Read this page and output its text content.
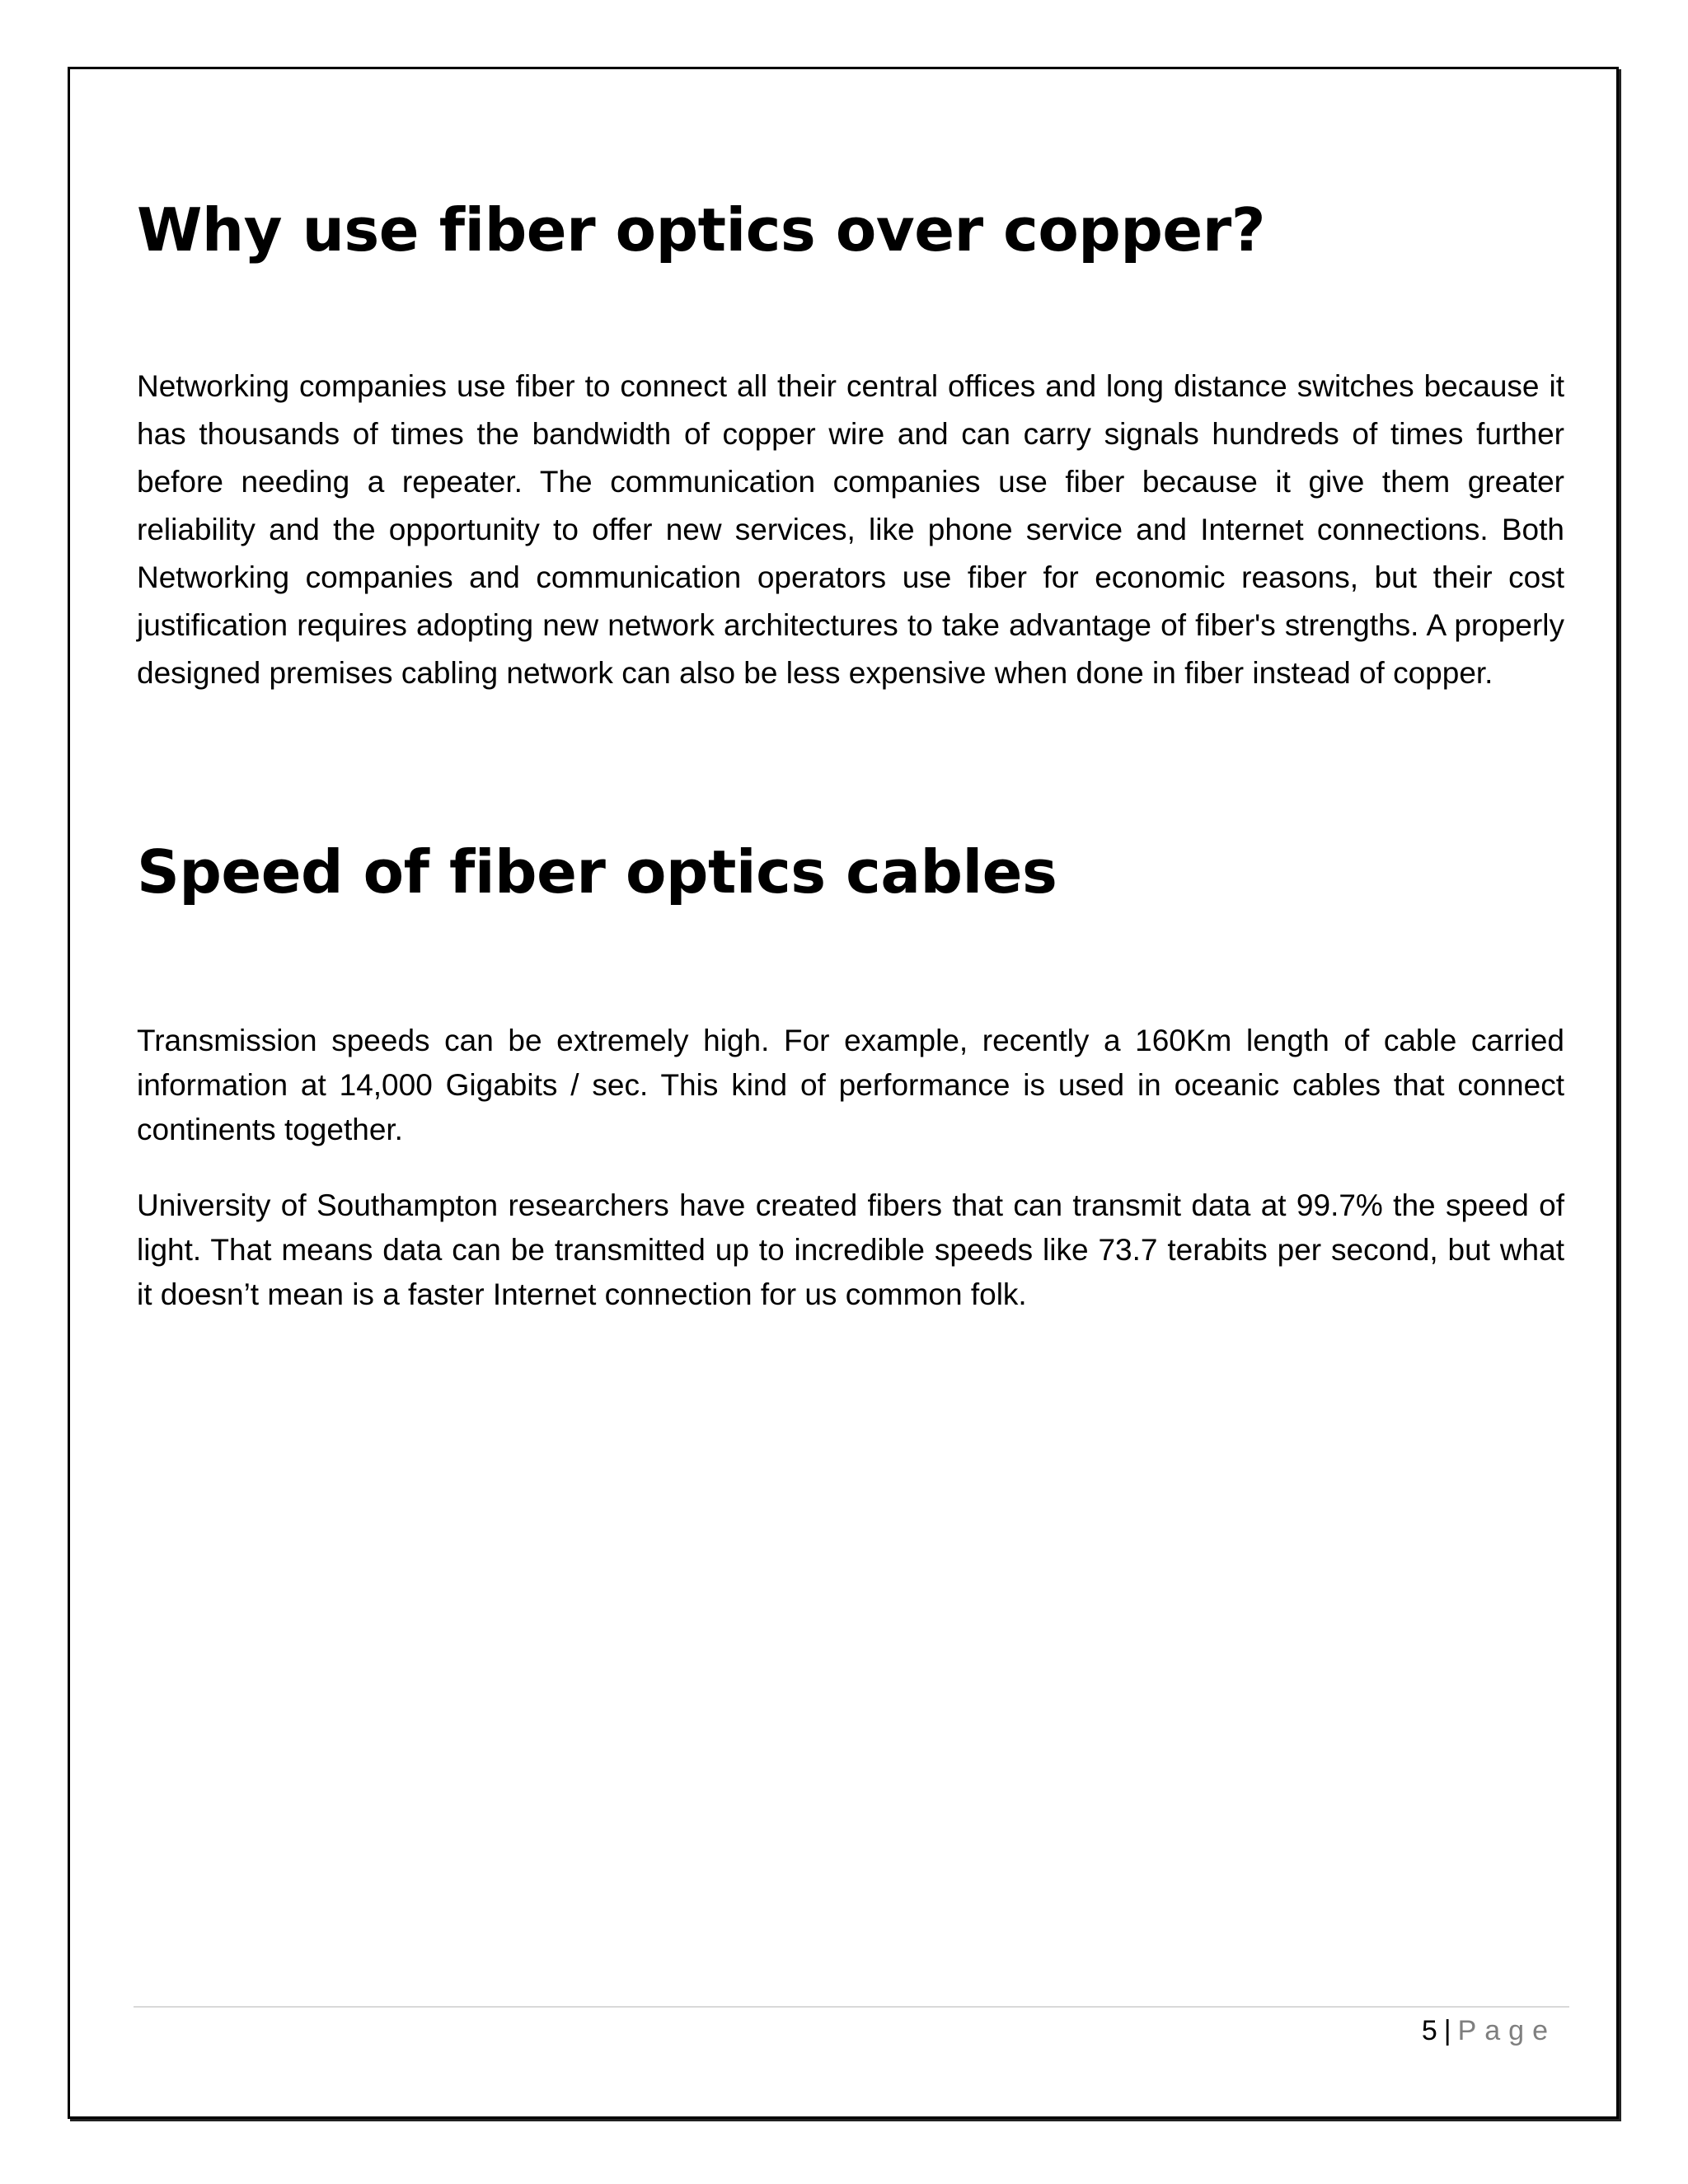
Why use fiber optics over copper?

Networking companies use fiber to connect all their central offices and long distance switches because it has thousands of times the bandwidth of copper wire and can carry signals hundreds of times further before needing a repeater. The communication companies use fiber because it give them greater reliability and the opportunity to offer new services, like phone service and Internet connections. Both Networking companies and communication operators use fiber for economic reasons, but their cost justification requires adopting new network architectures to take advantage of fiber's strengths. A properly designed premises cabling network can also be less expensive when done in fiber instead of copper.

Speed of fiber optics cables

Transmission speeds can be extremely high. For example, recently a 160Km length of cable carried information at 14,000 Gigabits / sec. This kind of performance is used in oceanic cables that connect continents together.

University of Southampton researchers have created fibers that can transmit data at 99.7% the speed of light. That means data can be transmitted up to incredible speeds like 73.7 terabits per second, but what it doesn’t mean is a faster Internet connection for us common folk.

5 | Page
